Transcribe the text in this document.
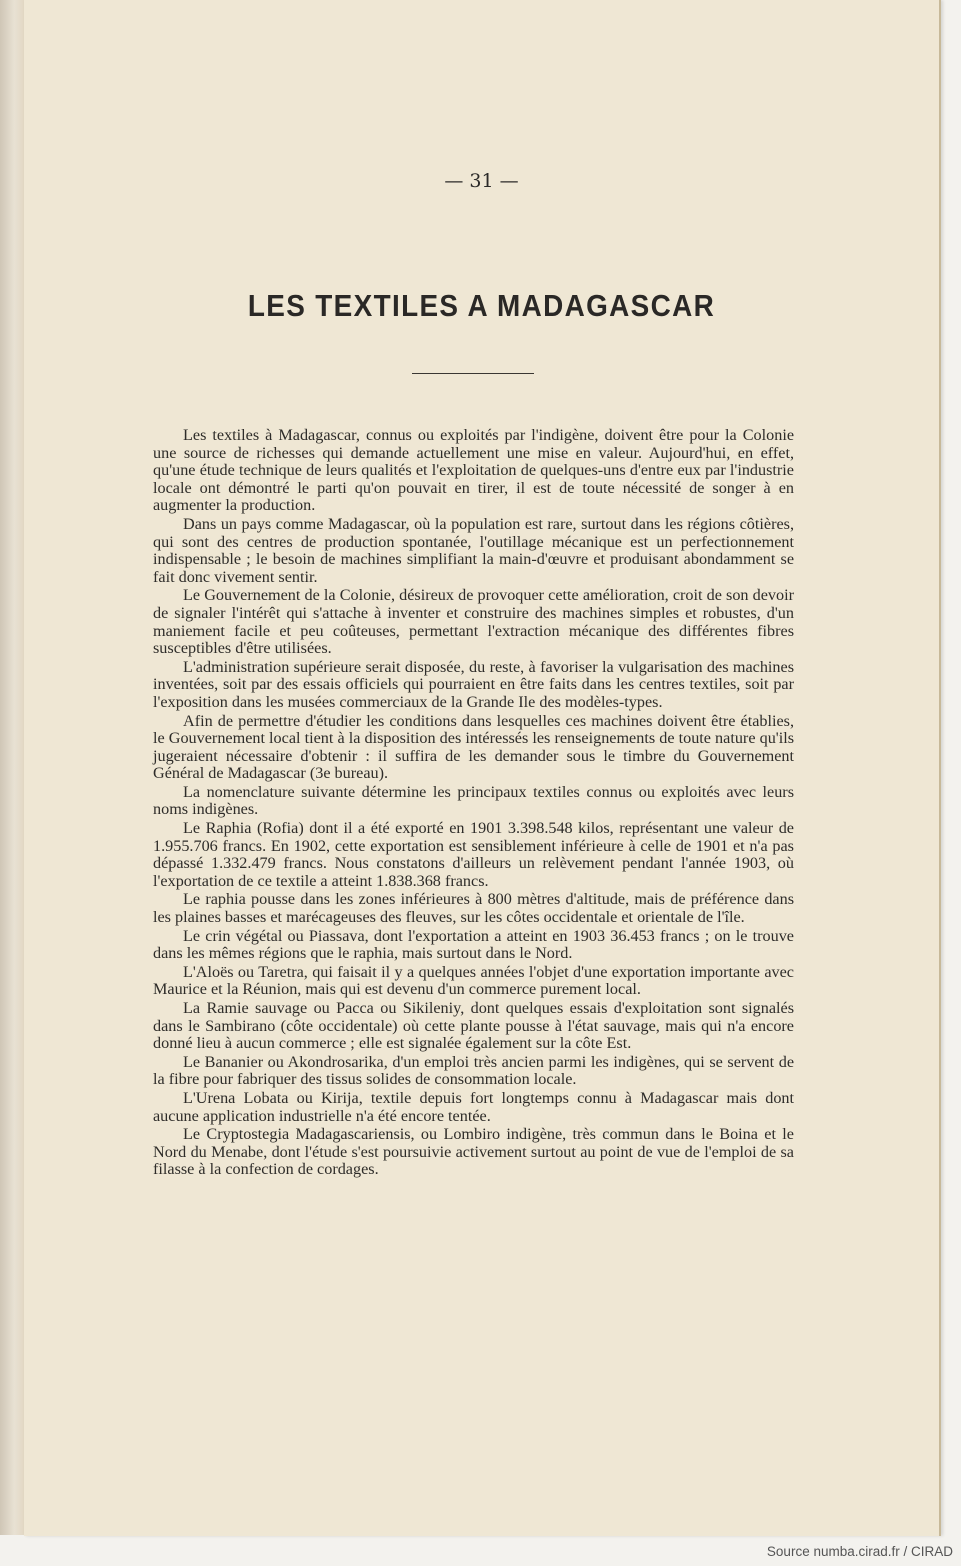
— 31 —
LES TEXTILES A MADAGASCAR

Les textiles à Madagascar, connus ou exploités par l'indigène, doivent être pour la Colonie une source de richesses qui demande actuellement une mise en valeur. Aujourd'hui, en effet, qu'une étude technique de leurs qualités et l'exploitation de quelques-uns d'entre eux par l'industrie locale ont démontré le parti qu'on pouvait en tirer, il est de toute nécessité de songer à en augmenter la production.

Dans un pays comme Madagascar, où la population est rare, surtout dans les régions côtières, qui sont des centres de production spontanée, l'outillage mécanique est un perfectionnement indispensable ; le besoin de machines simplifiant la main-d'œuvre et produisant abondamment se fait donc vivement sentir.

Le Gouvernement de la Colonie, désireux de provoquer cette amélioration, croit de son devoir de signaler l'intérêt qui s'attache à inventer et construire des machines simples et robustes, d'un maniement facile et peu coûteuses, permettant l'extraction mécanique des différentes fibres susceptibles d'être utilisées.

L'administration supérieure serait disposée, du reste, à favoriser la vulgarisation des machines inventées, soit par des essais officiels qui pourraient en être faits dans les centres textiles, soit par l'exposition dans les musées commerciaux de la Grande Ile des modèles-types.

Afin de permettre d'étudier les conditions dans lesquelles ces machines doivent être établies, le Gouvernement local tient à la disposition des intéressés les renseignements de toute nature qu'ils jugeraient nécessaire d'obtenir : il suffira de les demander sous le timbre du Gouvernement Général de Madagascar (3e bureau).

La nomenclature suivante détermine les principaux textiles connus ou exploités avec leurs noms indigènes.

Le Raphia (Rofia) dont il a été exporté en 1901 3.398.548 kilos, représentant une valeur de 1.955.706 francs. En 1902, cette exportation est sensiblement inférieure à celle de 1901 et n'a pas dépassé 1.332.479 francs. Nous constatons d'ailleurs un relèvement pendant l'année 1903, où l'exportation de ce textile a atteint 1.838.368 francs.

Le raphia pousse dans les zones inférieures à 800 mètres d'altitude, mais de préférence dans les plaines basses et marécageuses des fleuves, sur les côtes occidentale et orientale de l'île.

Le crin végétal ou Piassava, dont l'exportation a atteint en 1903 36.453 francs ; on le trouve dans les mêmes régions que le raphia, mais surtout dans le Nord.

L'Aloës ou Taretra, qui faisait il y a quelques années l'objet d'une exportation importante avec Maurice et la Réunion, mais qui est devenu d'un commerce purement local.

La Ramie sauvage ou Pacca ou Sikileniy, dont quelques essais d'exploitation sont signalés dans le Sambirano (côte occidentale) où cette plante pousse à l'état sauvage, mais qui n'a encore donné lieu à aucun commerce ; elle est signalée également sur la côte Est.

Le Bananier ou Akondrosarika, d'un emploi très ancien parmi les indigènes, qui se servent de la fibre pour fabriquer des tissus solides de consommation locale.

L'Urena Lobata ou Kirija, textile depuis fort longtemps connu à Madagascar mais dont aucune application industrielle n'a été encore tentée.

Le Cryptostegia Madagascariensis, ou Lombiro indigène, très commun dans le Boina et le Nord du Menabe, dont l'étude s'est poursuivie activement surtout au point de vue de l'emploi de sa filasse à la confection de cordages.

Source numba.cirad.fr / CIRAD
